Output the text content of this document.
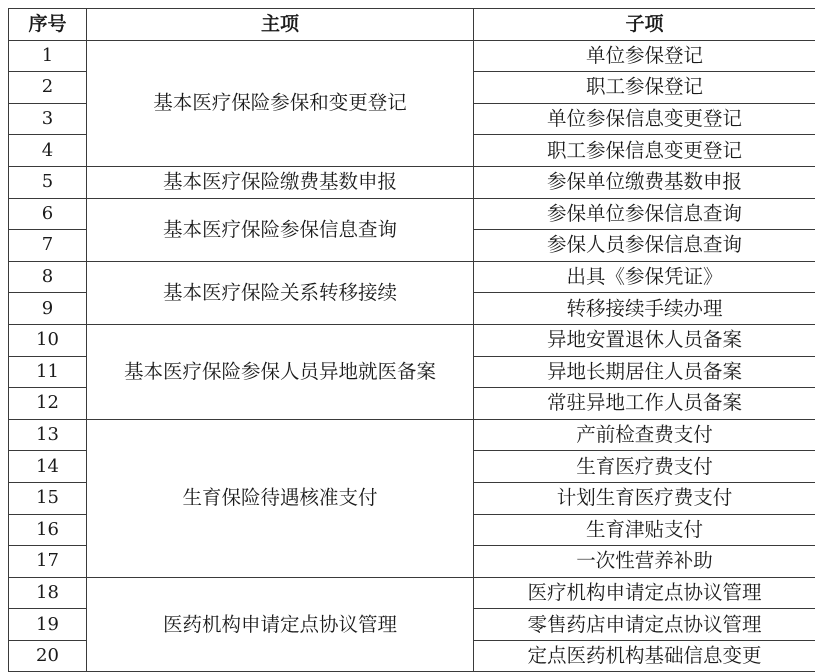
序号	主项	子项
1	基本医疗保险参保和变更登记	单位参保登记
2		职工参保登记
3		单位参保信息变更登记
4		职工参保信息变更登记
5	基本医疗保险缴费基数申报	参保单位缴费基数申报
6	基本医疗保险参保信息查询	参保单位参保信息查询
7		参保人员参保信息查询
8	基本医疗保险关系转移接续	出具《参保凭证》
9		转移接续手续办理
10	基本医疗保险参保人员异地就医备案	异地安置退休人员备案
11		异地长期居住人员备案
12		常驻异地工作人员备案
13	生育保险待遇核准支付	产前检查费支付
14		生育医疗费支付
15		计划生育医疗费支付
16		生育津贴支付
17		一次性营养补助
18	医药机构申请定点协议管理	医疗机构申请定点协议管理
19		零售药店申请定点协议管理
20		定点医药机构基础信息变更
